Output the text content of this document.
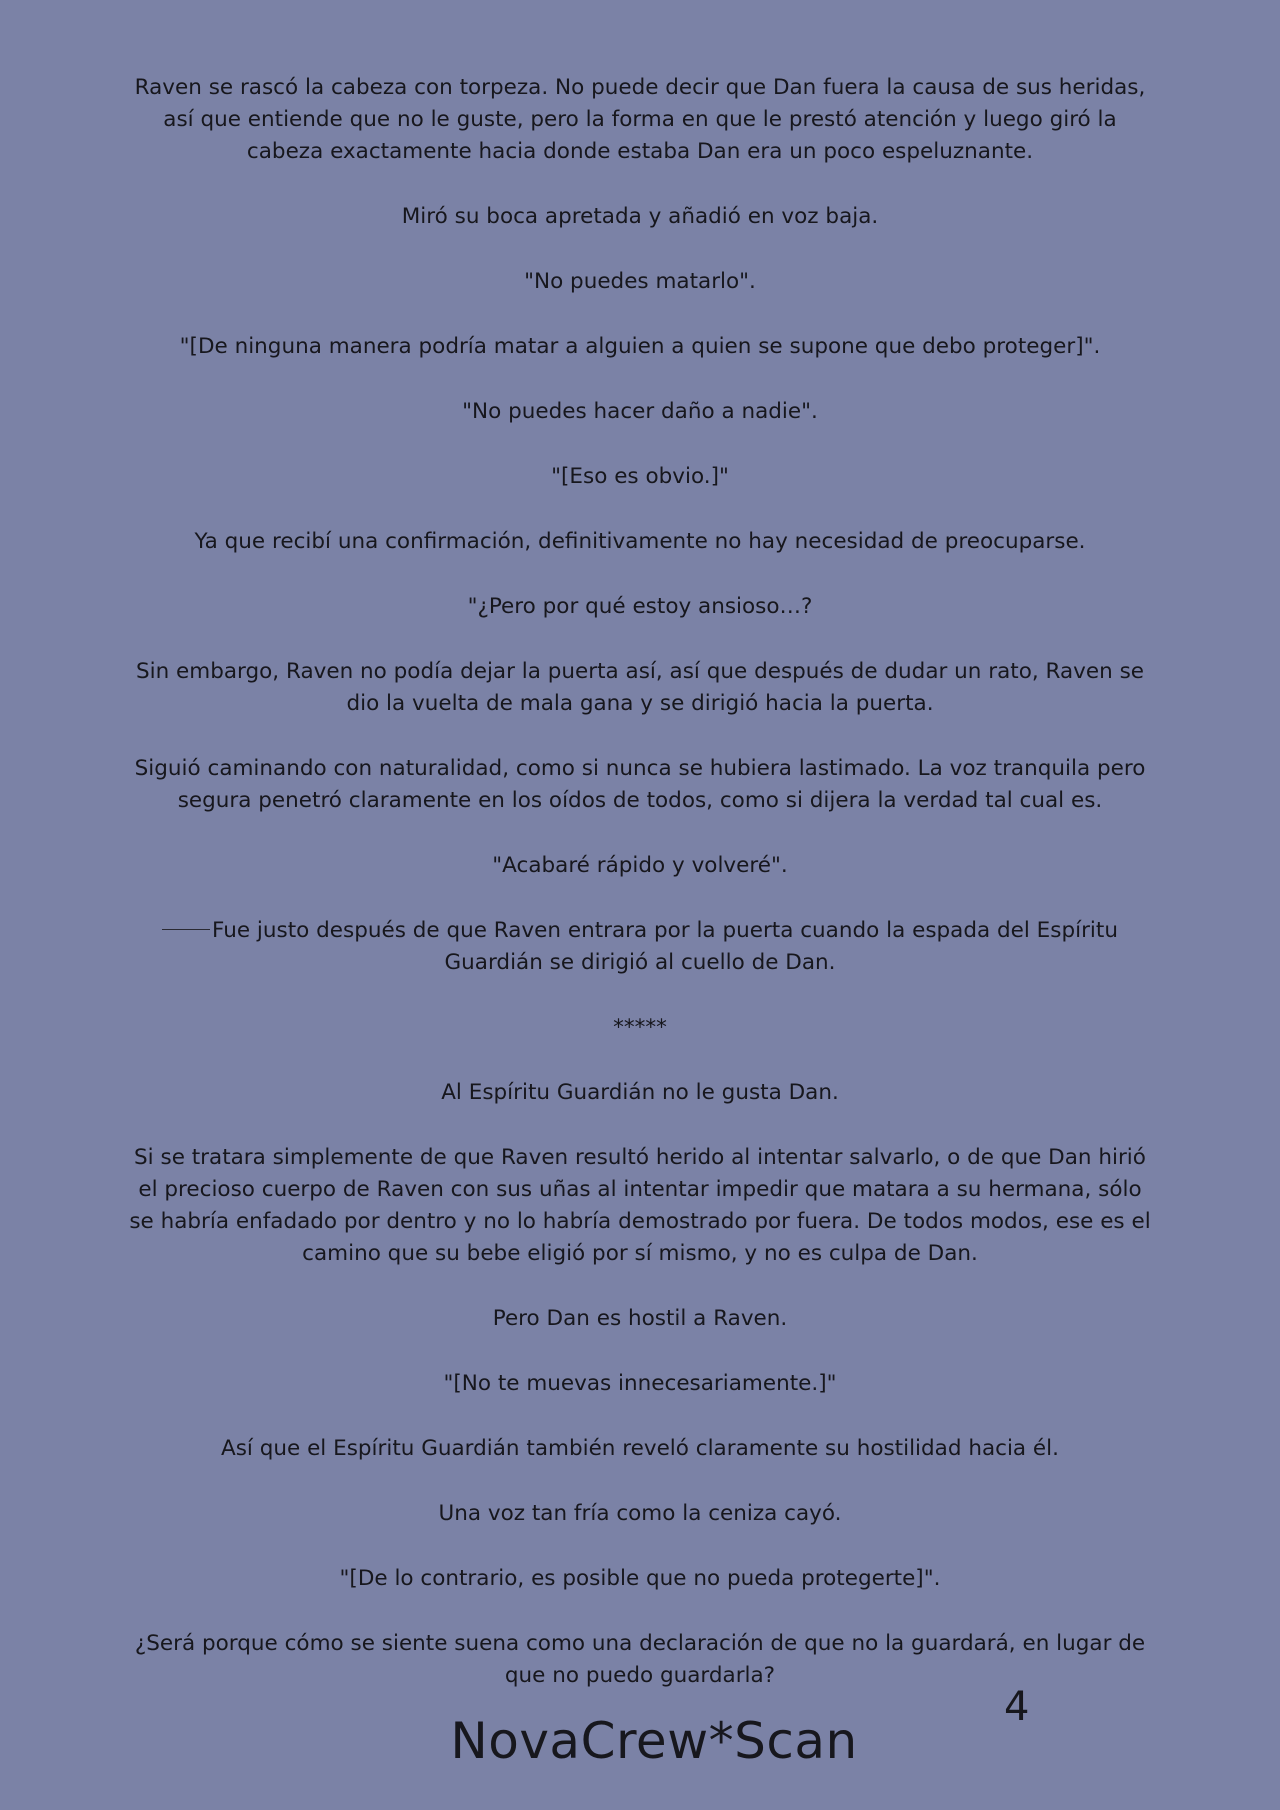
Raven se rascó la cabeza con torpeza. No puede decir que Dan fuera la causa de sus heridas, así que entiende que no le guste, pero la forma en que le prestó atención y luego giró la cabeza exactamente hacia donde estaba Dan era un poco espeluznante.

Miró su boca apretada y añadió en voz baja.

"No puedes matarlo".

"[De ninguna manera podría matar a alguien a quien se supone que debo proteger]".

"No puedes hacer daño a nadie".

"[Eso es obvio.]"

Ya que recibí una confirmación, definitivamente no hay necesidad de preocuparse.

"¿Pero por qué estoy ansioso…?

Sin embargo, Raven no podía dejar la puerta así, así que después de dudar un rato, Raven se dio la vuelta de mala gana y se dirigió hacia la puerta.

Siguió caminando con naturalidad, como si nunca se hubiera lastimado. La voz tranquila pero segura penetró claramente en los oídos de todos, como si dijera la verdad tal cual es.

"Acabaré rápido y volveré".

Fue justo después de que Raven entrara por la puerta cuando la espada del Espíritu Guardián se dirigió al cuello de Dan.

*****

Al Espíritu Guardián no le gusta Dan.

Si se tratara simplemente de que Raven resultó herido al intentar salvarlo, o de que Dan hirió el precioso cuerpo de Raven con sus uñas al intentar impedir que matara a su hermana, sólo se habría enfadado por dentro y no lo habría demostrado por fuera. De todos modos, ese es el camino que su bebe eligió por sí mismo, y no es culpa de Dan.

Pero Dan es hostil a Raven.

"[No te muevas innecesariamente.]"

Así que el Espíritu Guardián también reveló claramente su hostilidad hacia él.

Una voz tan fría como la ceniza cayó.

"[De lo contrario, es posible que no pueda protegerte]".

¿Será porque cómo se siente suena como una declaración de que no la guardará, en lugar de que no puedo guardarla?

4
NovaCrew*Scan
